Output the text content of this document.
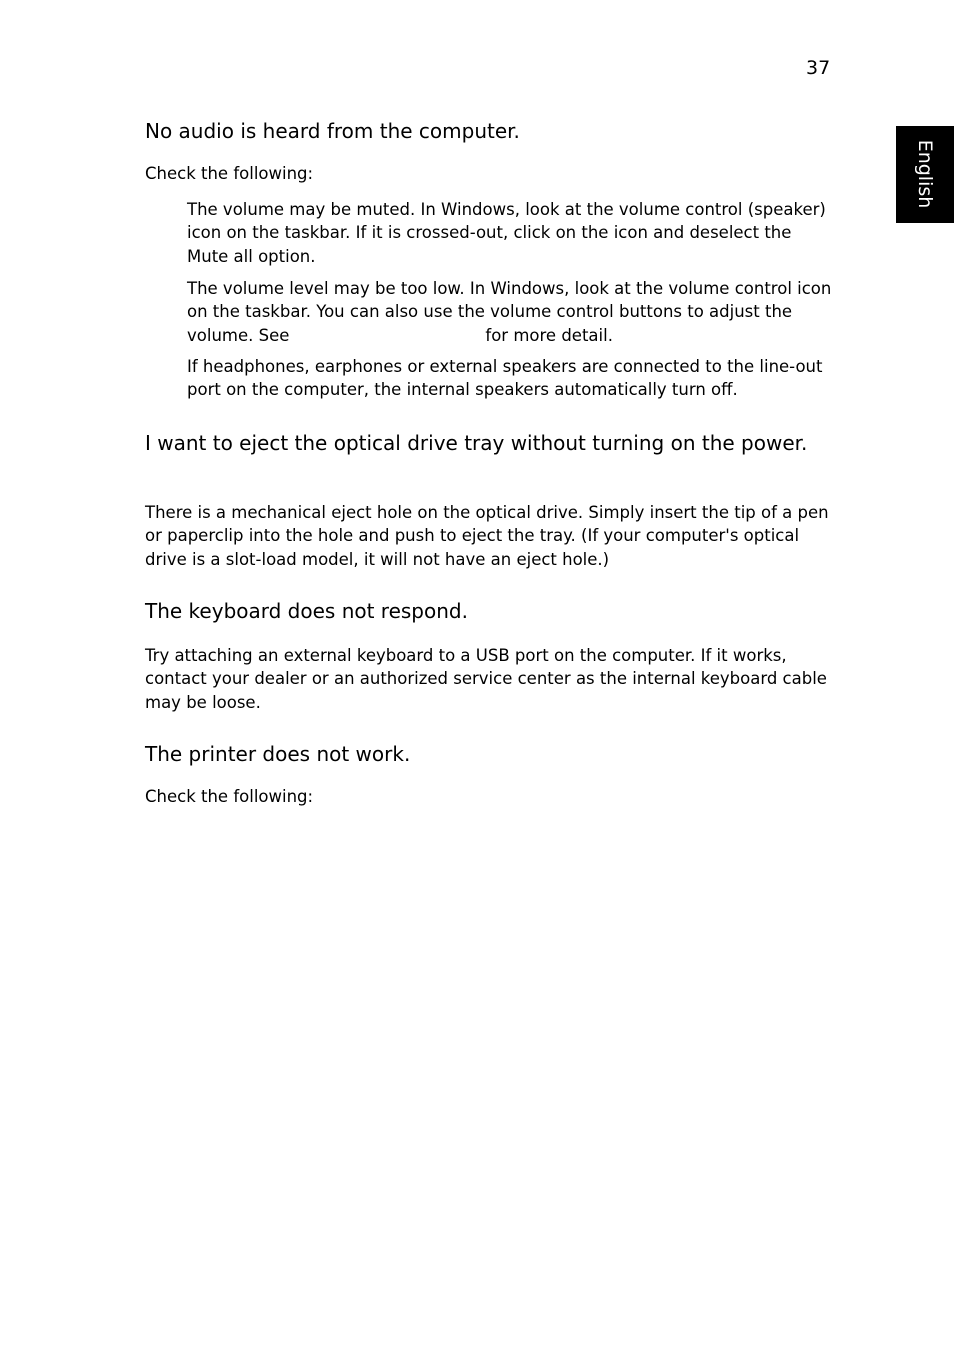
37
English
No audio is heard from the computer.

Check the following:

The volume may be muted. In Windows, look at the volume control (speaker) icon on the taskbar. If it is crossed-out, click on the icon and deselect the Mute all option.

The volume level may be too low. In Windows, look at the volume control icon on the taskbar. You can also use the volume control buttons to adjust the volume. See	for more detail.

If headphones, earphones or external speakers are connected to the line-out port on the computer, the internal speakers automatically turn off.

I want to eject the optical drive tray without turning on the power.

There is a mechanical eject hole on the optical drive. Simply insert the tip of a pen or paperclip into the hole and push to eject the tray. (If your computer's optical drive is a slot-load model, it will not have an eject hole.)

The keyboard does not respond.

Try attaching an external keyboard to a USB port on the computer. If it works, contact your dealer or an authorized service center as the internal keyboard cable may be loose.

The printer does not work.

Check the following:
